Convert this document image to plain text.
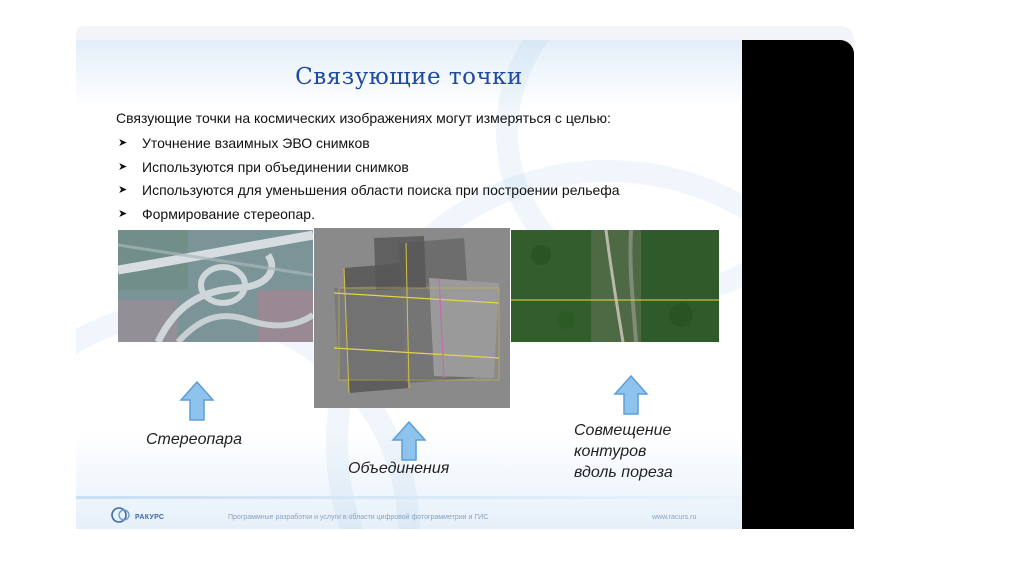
Связующие точки
Связующие точки на космических изображениях могут измеряться с целью:
➤ Уточнение взаимных ЭВО снимков
➤ Используются при объединении снимков
➤ Используются для уменьшения области поиска при построении рельефа
➤ Формирование стереопар.
Стереопара
Объединения
Совмещение
контуров
вдоль пореза
РАКУРС	Программные разработки и услуги в области цифровой фотограмметрии и ГИС	www.racurs.ru
